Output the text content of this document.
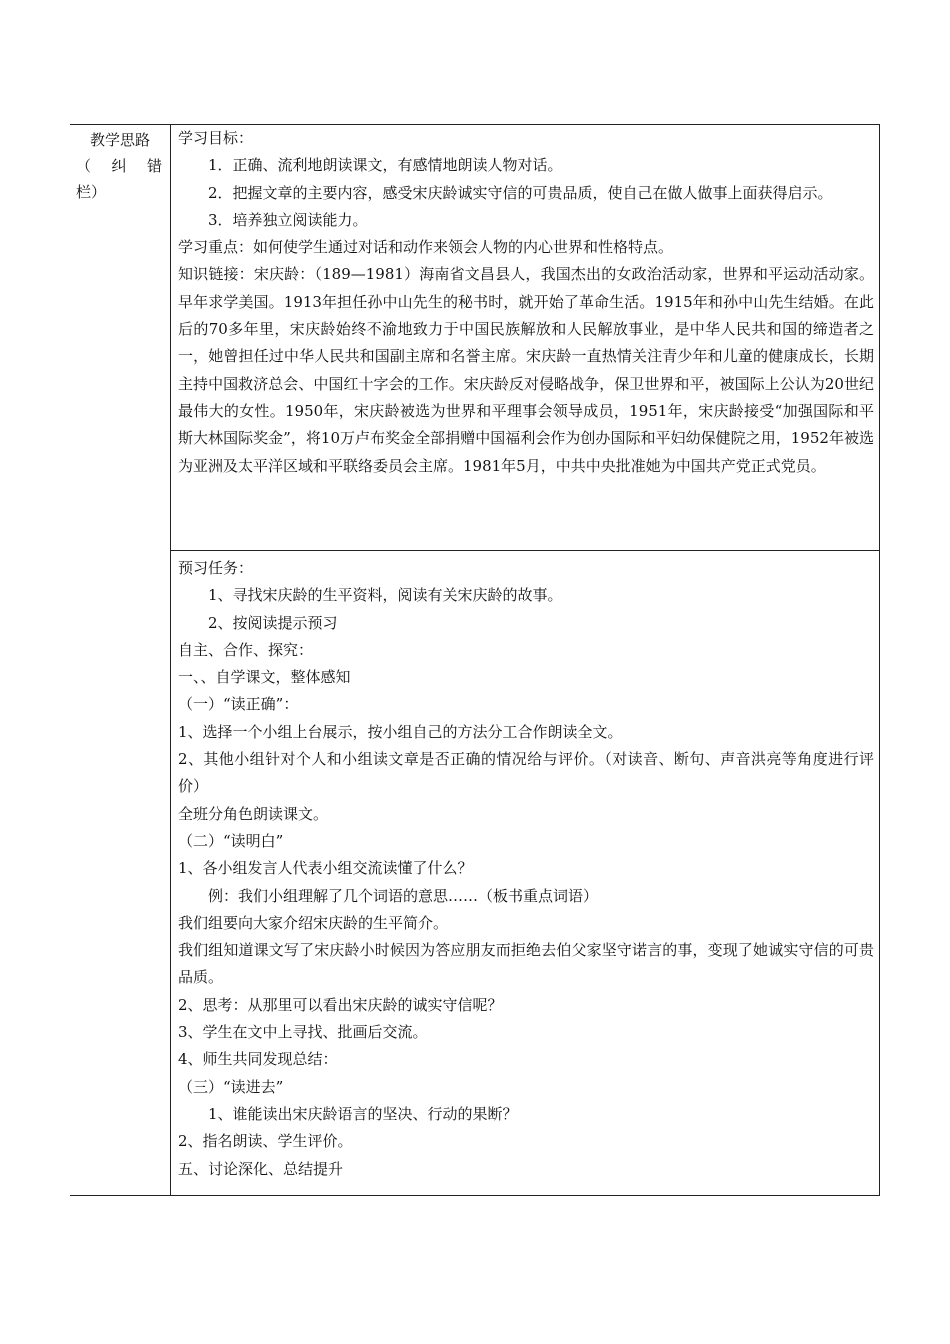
教学思路
（ 纠 错
栏）

学习目标：

1．正确、流利地朗读课文，有感情地朗读人物对话。

2．把握文章的主要内容，感受宋庆龄诚实守信的可贵品质，使自己在做人做事上面获得启示。

3．培养独立阅读能力。

学习重点：如何使学生通过对话和动作来领会人物的内心世界和性格特点。

知识链接：宋庆龄：（189—1981）海南省文昌县人，我国杰出的女政治活动家，世界和平运动活动家。早年求学美国。1913年担任孙中山先生的秘书时，就开始了革命生活。1915年和孙中山先生结婚。在此后的70多年里，宋庆龄始终不渝地致力于中国民族解放和人民解放事业，是中华人民共和国的缔造者之一，她曾担任过中华人民共和国副主席和名誉主席。宋庆龄一直热情关注青少年和儿童的健康成长，长期主持中国救济总会、中国红十字会的工作。宋庆龄反对侵略战争，保卫世界和平，被国际上公认为20世纪最伟大的女性。1950年，宋庆龄被选为世界和平理事会领导成员，1951年，宋庆龄接受“加强国际和平斯大林国际奖金”，将10万卢布奖金全部捐赠中国福利会作为创办国际和平妇幼保健院之用，1952年被选为亚洲及太平洋区域和平联络委员会主席。1981年5月，中共中央批准她为中国共产党正式党员。

预习任务：

1、寻找宋庆龄的生平资料，阅读有关宋庆龄的故事。

2、按阅读提示预习

自主、合作、探究：

一、、自学课文，整体感知

（一）“读正确”：

1、选择一个小组上台展示，按小组自己的方法分工合作朗读全文。

2、其他小组针对个人和小组读文章是否正确的情况给与评价。（对读音、断句、声音洪亮等角度进行评价）

全班分角色朗读课文。

（二）“读明白”

1、各小组发言人代表小组交流读懂了什么？

例：我们小组理解了几个词语的意思……（板书重点词语）

我们组要向大家介绍宋庆龄的生平简介。

我们组知道课文写了宋庆龄小时候因为答应朋友而拒绝去伯父家坚守诺言的事，变现了她诚实守信的可贵品质。

2、思考：从那里可以看出宋庆龄的诚实守信呢？

3、学生在文中上寻找、批画后交流。

4、师生共同发现总结：

（三）“读进去”

1、谁能读出宋庆龄语言的坚决、行动的果断？

2、指名朗读、学生评价。

五、讨论深化、总结提升
